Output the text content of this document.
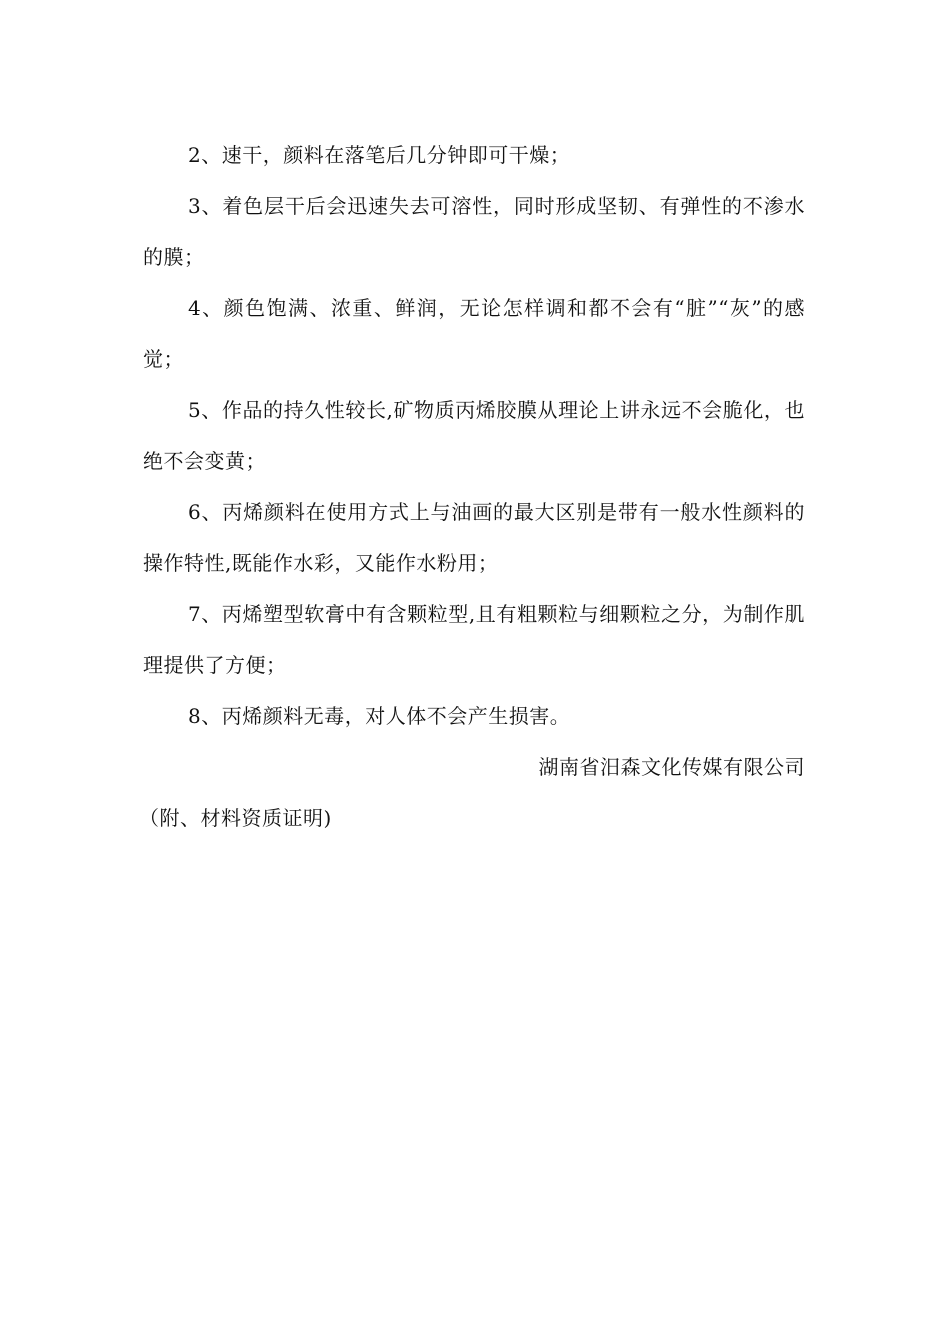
2、速干，颜料在落笔后几分钟即可干燥；

3、着色层干后会迅速失去可溶性，同时形成坚韧、有弹性的不渗水的膜；

4、颜色饱满、浓重、鲜润，无论怎样调和都不会有“脏”“灰”的感觉；

5、作品的持久性较长,矿物质丙烯胶膜从理论上讲永远不会脆化，也绝不会变黄；

6、丙烯颜料在使用方式上与油画的最大区别是带有一般水性颜料的操作特性,既能作水彩，又能作水粉用；

7、丙烯塑型软膏中有含颗粒型,且有粗颗粒与细颗粒之分，为制作肌理提供了方便；

8、丙烯颜料无毒，对人体不会产生损害。

湖南省汨森文化传媒有限公司

（附、材料资质证明)
